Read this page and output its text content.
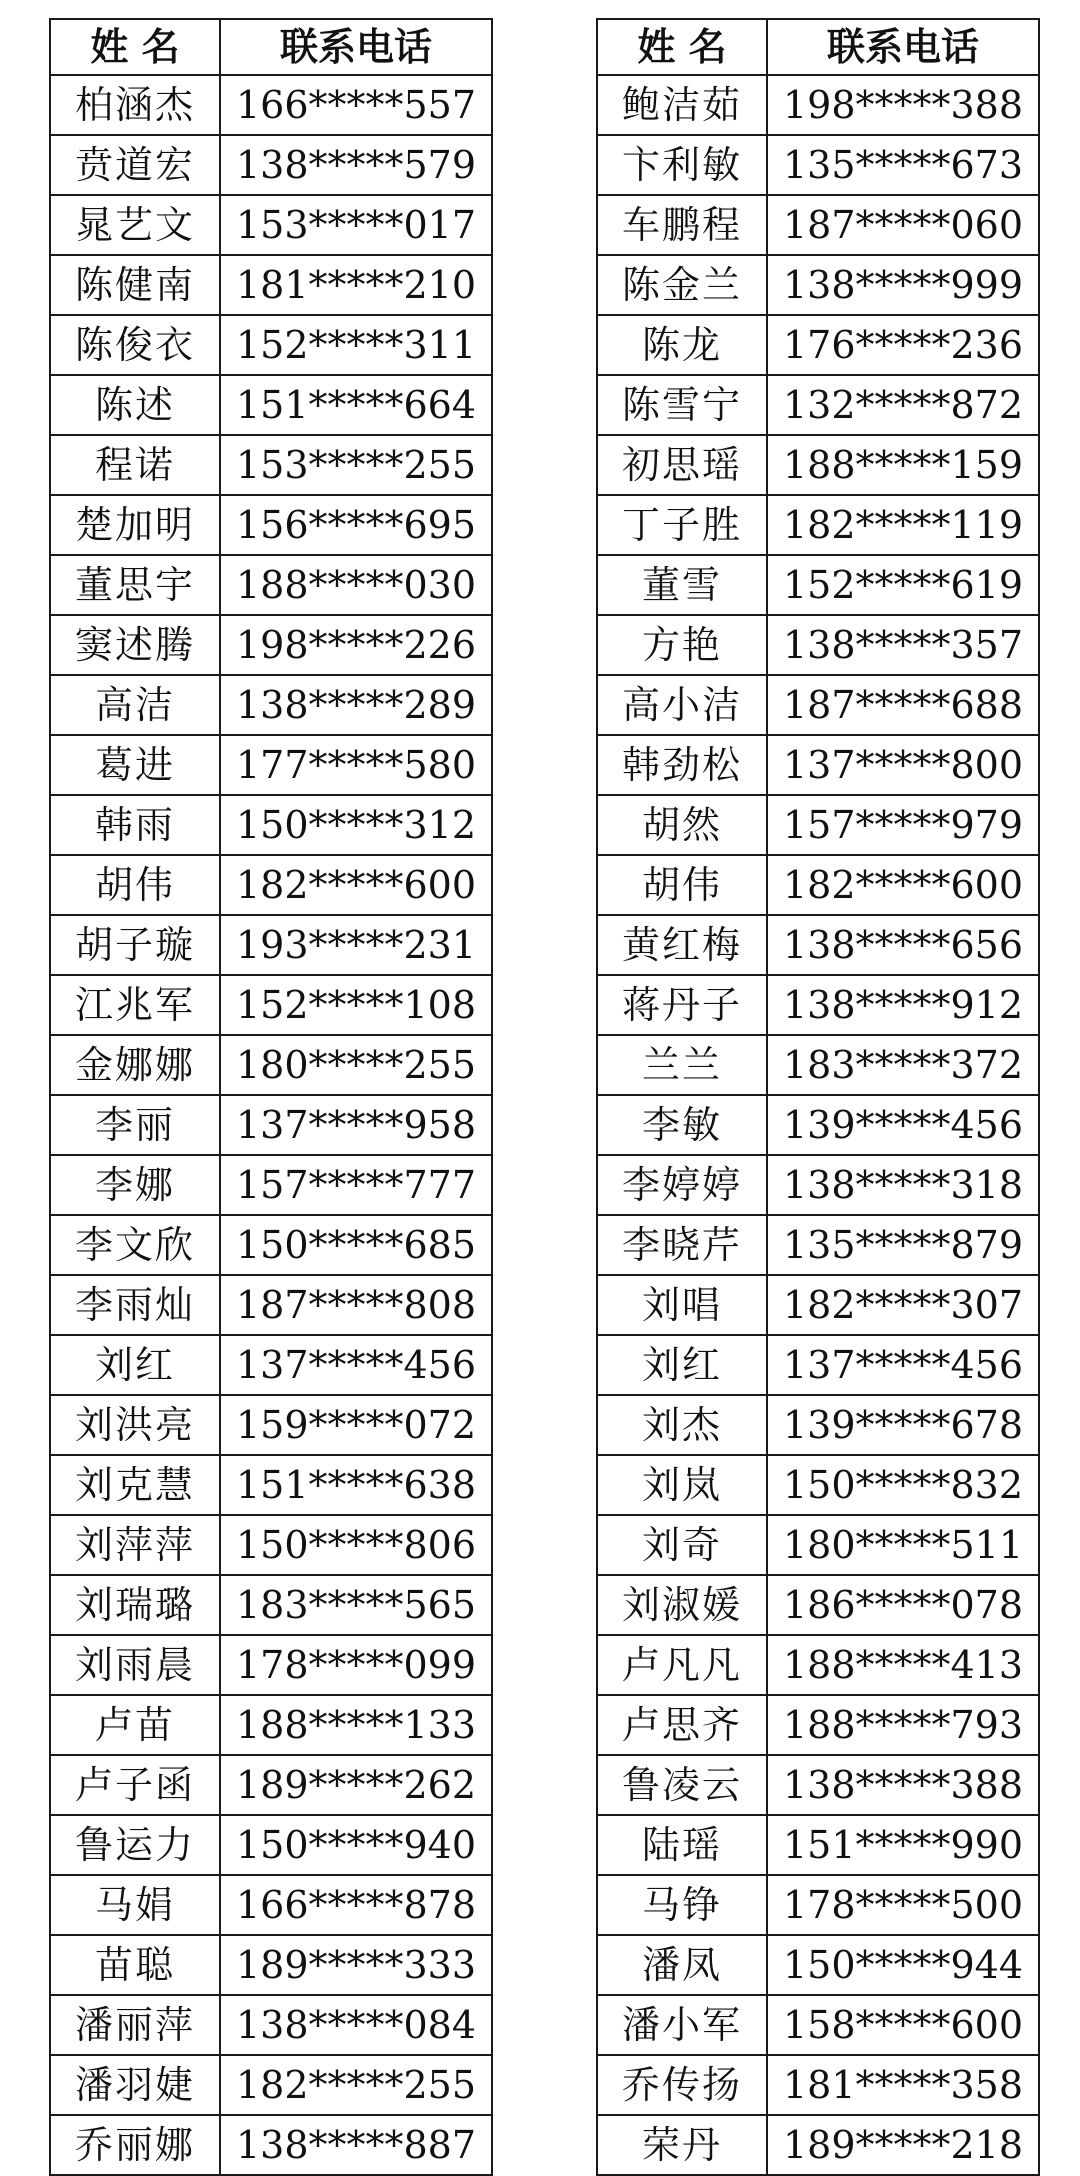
姓 名	联系电话
柏涵杰	166*****557
贲道宏	138*****579
晁艺文	153*****017
陈健南	181*****210
陈俊衣	152*****311
陈述	151*****664
程诺	153*****255
楚加明	156*****695
董思宇	188*****030
窦述腾	198*****226
高洁	138*****289
葛进	177*****580
韩雨	150*****312
胡伟	182*****600
胡子璇	193*****231
江兆军	152*****108
金娜娜	180*****255
李丽	137*****958
李娜	157*****777
李文欣	150*****685
李雨灿	187*****808
刘红	137*****456
刘洪亮	159*****072
刘克慧	151*****638
刘萍萍	150*****806
刘瑞璐	183*****565
刘雨晨	178*****099
卢苗	188*****133
卢子函	189*****262
鲁运力	150*****940
马娟	166*****878
苗聪	189*****333
潘丽萍	138*****084
潘羽婕	182*****255
乔丽娜	138*****887
姓 名	联系电话
鲍洁茹	198*****388
卞利敏	135*****673
车鹏程	187*****060
陈金兰	138*****999
陈龙	176*****236
陈雪宁	132*****872
初思瑶	188*****159
丁子胜	182*****119
董雪	152*****619
方艳	138*****357
高小洁	187*****688
韩劲松	137*****800
胡然	157*****979
胡伟	182*****600
黄红梅	138*****656
蒋丹子	138*****912
兰兰	183*****372
李敏	139*****456
李婷婷	138*****318
李晓芹	135*****879
刘唱	182*****307
刘红	137*****456
刘杰	139*****678
刘岚	150*****832
刘奇	180*****511
刘淑媛	186*****078
卢凡凡	188*****413
卢思齐	188*****793
鲁凌云	138*****388
陆瑶	151*****990
马铮	178*****500
潘凤	150*****944
潘小军	158*****600
乔传扬	181*****358
荣丹	189*****218
